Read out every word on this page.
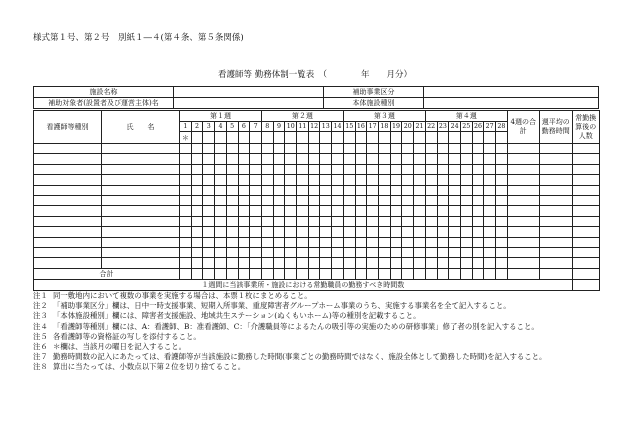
様式第１号、第２号　別紙１―４(第４条、第５条関係)
看護師等 勤務体制一覧表　（　　　　年　　月分）
施設名称		補助事業区分	
補助対象者(設置者及び運営主体)名		本体施設種別	
看護師等種別	氏　　名	第１週							第２週							第３週							第４週							4週の合計	週平均の勤務時間	常勤換算後の人数
		1	2	3	4	5	6	7	8	9	10	11	12	13	14	15	16	17	18	19	20	21	22	23	24	25	26	27	28			
		＊																														

合計																																
１週間に当該事業所・施設における常勤職員の勤務すべき時間数																																
注１ 同一敷地内において複数の事業を実施する場合は、本票１枚にまとめること。
注２ 「補助事業区分」欄は、日中一時支援事業、短期入所事業、重度障害者グループホーム事業のうち、実施する事業名を全て記入すること。
注３ 「本体施設種別」欄には、障害者支援施設、地域共生ステーション(ぬくもいホーム)等の種別を記載すること。
注４ 「看護師等種別」欄には、A：看護師、B：准看護師、C：「介護職員等によるたんの吸引等の実施のための研修事業」修了者の別を記入すること。
注５ 各看護師等の資格証の写しを添付すること。
注６ ＊欄は、当該月の曜日を記入すること。
注７ 勤務時間数の記入にあたっては、看護師等が当該施設に勤務した時間(事業ごとの勤務時間ではなく、施設全体として勤務した時間)を記入すること。
注８ 算出に当たっては、小数点以下第２位を切り捨てること。
